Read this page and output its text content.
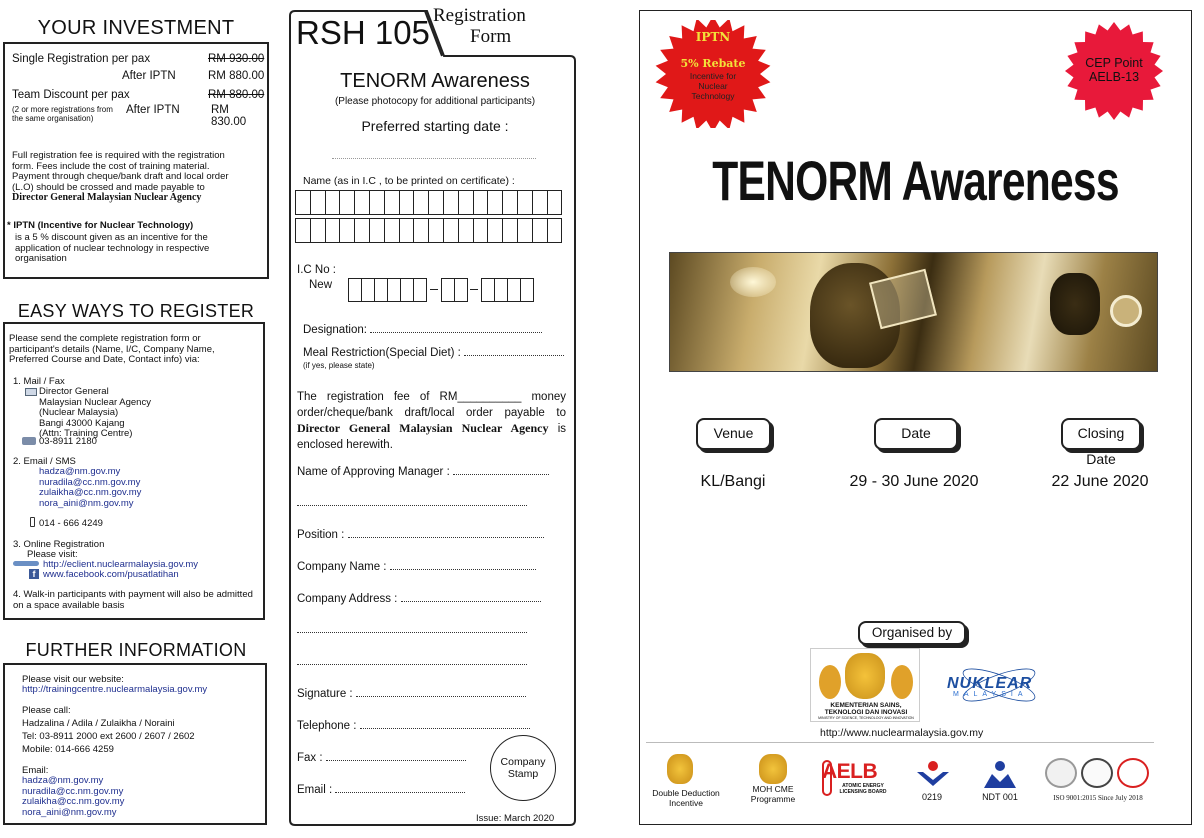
YOUR INVESTMENT
Single Registration per pax	RM 930.00
After IPTN	RM 880.00
Team Discount per pax	RM 880.00
(2 or more registrations from the same organisation)
After IPTN	RM 830.00
Full registration fee is required with the registration form. Fees include the cost of training material. Payment through cheque/bank draft and local order (L.O) should be crossed and made payable to Director General Malaysian Nuclear Agency
* IPTN (Incentive for Nuclear Technology)
is a 5 % discount given as an incentive for the application of nuclear technology in respective organisation
EASY WAYS TO REGISTER
Please send the complete registration form or participant's details (Name, I/C, Company Name, Preferred Course and Date, Contact info) via:
1. Mail / Fax
Director General
Malaysian Nuclear Agency
(Nuclear Malaysia)
Bangi 43000 Kajang
(Attn: Training Centre)
03-8911 2180
2. Email / SMS
hadza@nm.gov.my
nuradila@cc.nm.gov.my
zulaikha@cc.nm.gov.my
nora_aini@nm.gov.my
014 - 666 4249
3. Online Registration
Please visit:
http://eclient.nuclearmalaysia.gov.my
f www.facebook.com/pusatlatihan
4. Walk-in participants with payment will also be admitted on a space available basis
FURTHER INFORMATION
Please visit our website:
http://trainingcentre.nuclearmalaysia.gov.my
Please call:
Hadzalina / Adila / Zulaikha / Noraini
Tel: 03-8911 2000 ext 2600 / 2607 / 2602
Mobile: 014-666 4259
Email:
hadza@nm.gov.my
nuradila@cc.nm.gov.my
zulaikha@cc.nm.gov.my
nora_aini@nm.gov.my
RSH 105 Registration
Form
TENORM Awareness
(Please photocopy for additional participants)
Preferred starting date :
Name (as in I.C , to be printed on certificate) :
I.C No :
New
Designation:
Meal Restriction(Special Diet) :
(if yes, please state)
The registration fee of RM__________ money order/cheque/bank draft/local order payable to Director General Malaysian Nuclear Agency is enclosed herewith.
Name of Approving Manager :
Position :
Company Name :
Company Address :
Signature :
Telephone :
Fax :
Email :
Company Stamp
Issue: March 2020
IPTN
5% Rebate
Incentive for Nuclear Technology
CEP Point
AELB-13
TENORM Awareness
Venue	Date	Closing Date
KL/Bangi	29 - 30 June 2020	22 June 2020
Organised by
KEMENTERIAN SAINS, TEKNOLOGI DAN INOVASI
MINISTRY OF SCIENCE, TECHNOLOGY AND INNOVATION
NUKLEAR
MALAYSIA
http://www.nuclearmalaysia.gov.my
Double Deduction Incentive
MOH CME Programme
AELB
ATOMIC ENERGY LICENSING BOARD
0219	NDT 001	ISO 9001:2015 Since July 2018
